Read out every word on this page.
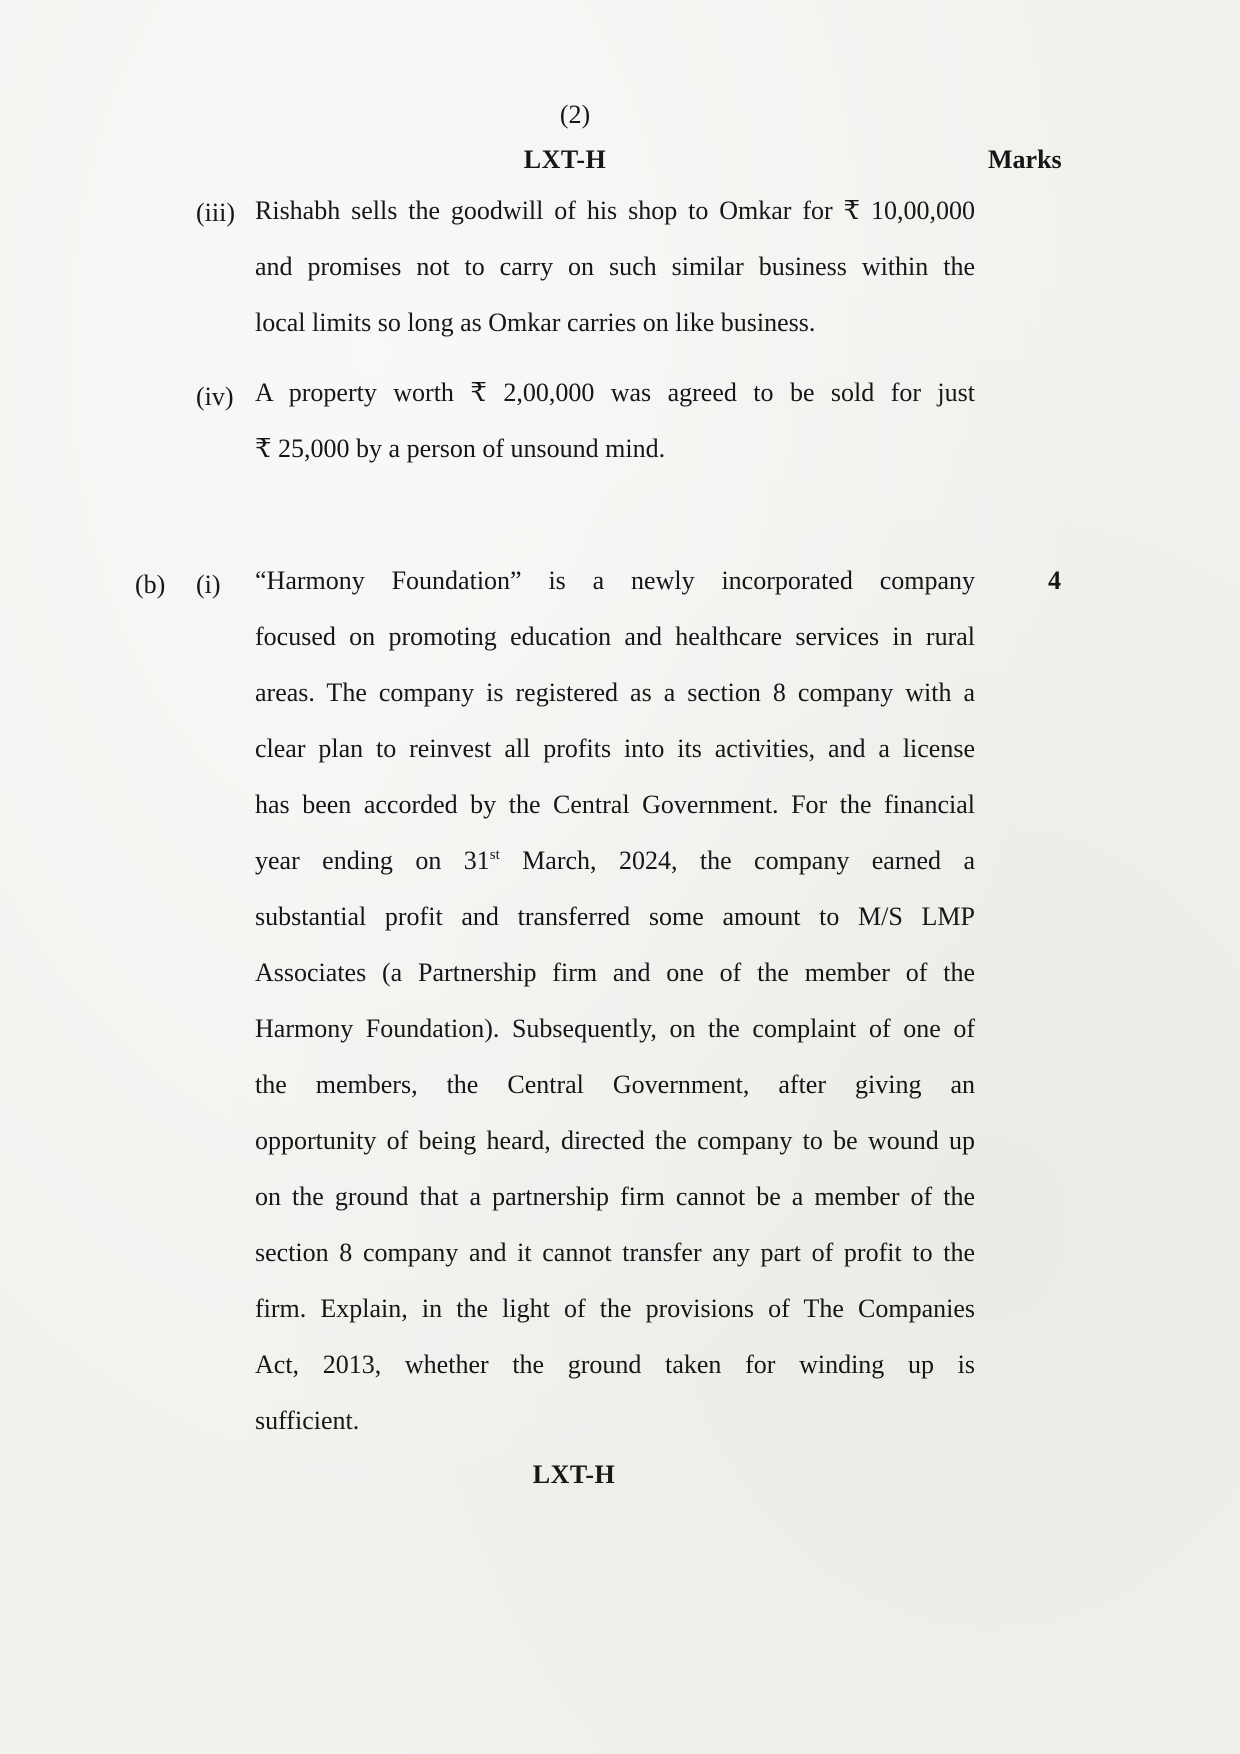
(2)
LXT-H	Marks
(iii) Rishabh sells the goodwill of his shop to Omkar for ₹ 10,00,000
and promises not to carry on such similar business within the
local limits so long as Omkar carries on like business.
(iv) A property worth ₹ 2,00,000 was agreed to be sold for just
₹ 25,000 by a person of unsound mind.
(b) (i)	4
“Harmony Foundation” is a newly incorporated company
focused on promoting education and healthcare services in rural
areas. The company is registered as a section 8 company with a
clear plan to reinvest all profits into its activities, and a license
has been accorded by the Central Government. For the financial
year ending on 31st March, 2024, the company earned a
substantial profit and transferred some amount to M/S LMP
Associates (a Partnership firm and one of the member of the
Harmony Foundation). Subsequently, on the complaint of one of
the members, the Central Government, after giving an
opportunity of being heard, directed the company to be wound up
on the ground that a partnership firm cannot be a member of the
section 8 company and it cannot transfer any part of profit to the
firm. Explain, in the light of the provisions of The Companies
Act, 2013, whether the ground taken for winding up is
sufficient.
LXT-H
